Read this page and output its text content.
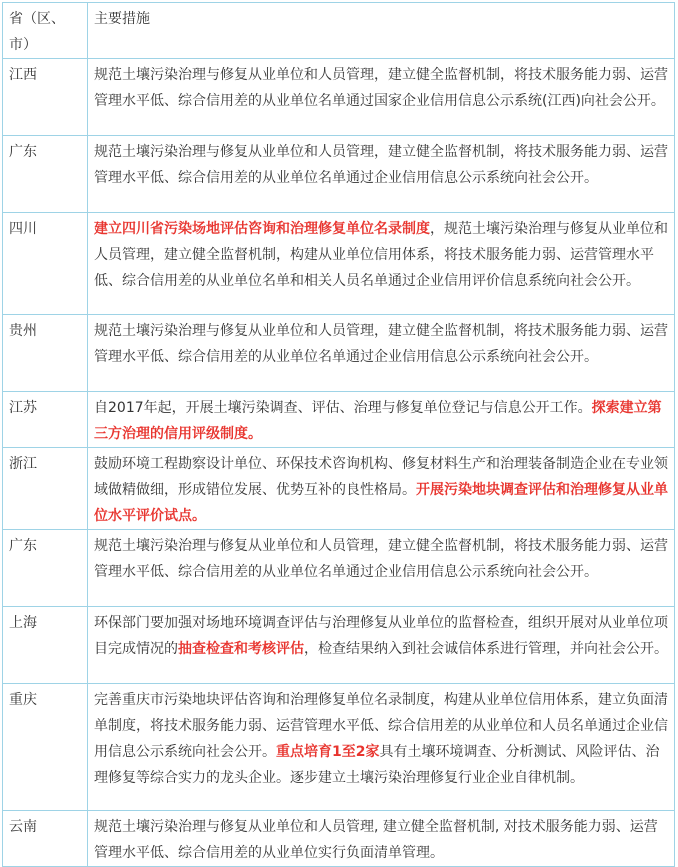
省（区、市）	主要措施
江西	规范土壤污染治理与修复从业单位和人员管理，建立健全监督机制，将技术服务能力弱、运营管理水平低、综合信用差的从业单位名单通过国家企业信用信息公示系统(江西)向社会公开。
广东	规范土壤污染治理与修复从业单位和人员管理，建立健全监督机制，将技术服务能力弱、运营管理水平低、综合信用差的从业单位名单通过企业信用信息公示系统向社会公开。
四川	建立四川省污染场地评估咨询和治理修复单位名录制度，规范土壤污染治理与修复从业单位和人员管理，建立健全监督机制，构建从业单位信用体系，将技术服务能力弱、运营管理水平低、综合信用差的从业单位名单和相关人员名单通过企业信用评价信息系统向社会公开。
贵州	规范土壤污染治理与修复从业单位和人员管理，建立健全监督机制，将技术服务能力弱、运营管理水平低、综合信用差的从业单位名单通过企业信用信息公示系统向社会公开。
江苏	自2017年起，开展土壤污染调查、评估、治理与修复单位登记与信息公开工作。探索建立第三方治理的信用评级制度。
浙江	鼓励环境工程勘察设计单位、环保技术咨询机构、修复材料生产和治理装备制造企业在专业领域做精做细，形成错位发展、优势互补的良性格局。开展污染地块调查评估和治理修复从业单位水平评价试点。
广东	规范土壤污染治理与修复从业单位和人员管理，建立健全监督机制，将技术服务能力弱、运营管理水平低、综合信用差的从业单位名单通过企业信用信息公示系统向社会公开。
上海	环保部门要加强对场地环境调查评估与治理修复从业单位的监督检查，组织开展对从业单位项目完成情况的抽查检查和考核评估，检查结果纳入到社会诚信体系进行管理，并向社会公开。
重庆	完善重庆市污染地块评估咨询和治理修复单位名录制度，构建从业单位信用体系，建立负面清单制度，将技术服务能力弱、运营管理水平低、综合信用差的从业单位和人员名单通过企业信用信息公示系统向社会公开。重点培育1至2家具有土壤环境调查、分析测试、风险评估、治理修复等综合实力的龙头企业。逐步建立土壤污染治理修复行业企业自律机制。
云南	规范土壤污染治理与修复从业单位和人员管理, 建立健全监督机制, 对技术服务能力弱、运营管理水平低、综合信用差的从业单位实行负面清单管理。
